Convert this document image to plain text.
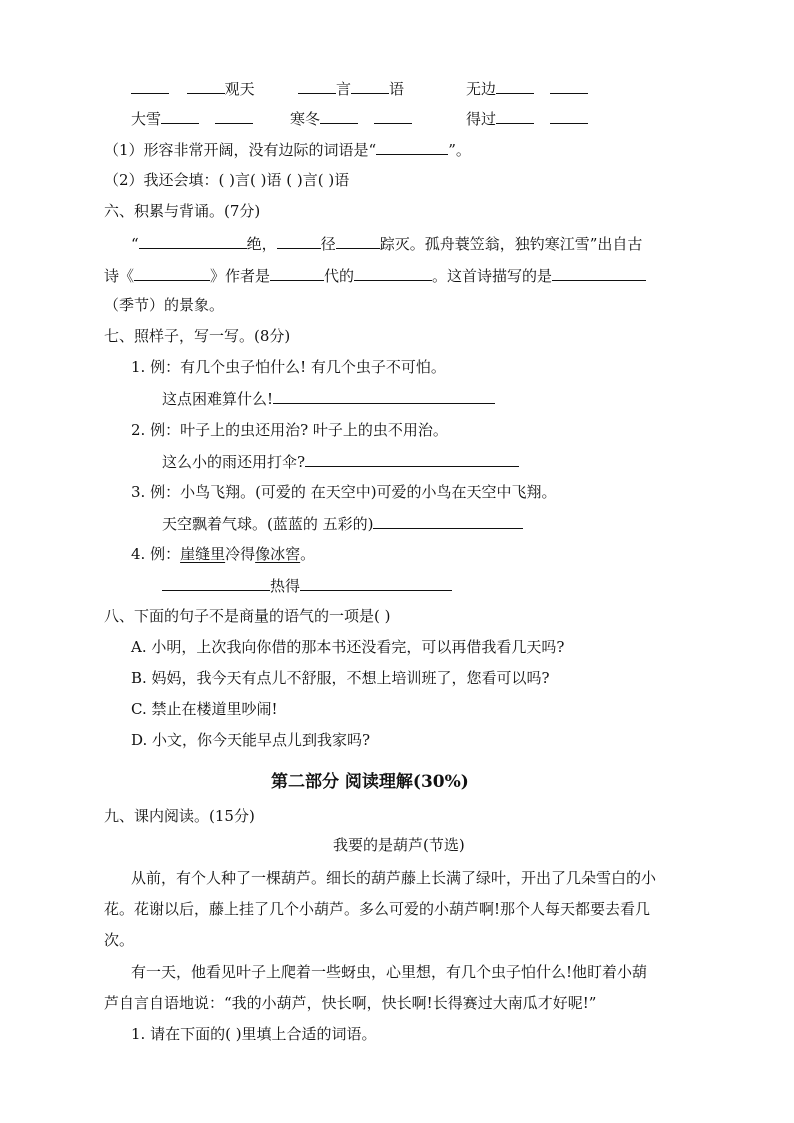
观天	言	语	无边
大雪	寒冬	得过
（1）形容非常开阔，没有边际的词语是“	”。
（2）我还会填：( )言( )语 ( )言( )语
六、积累与背诵。(7分)
“	绝，	径	踪灭。孤舟蓑笠翁，独钓寒江雪”出自古
诗《	》作者是	代的	。这首诗描写的是
（季节）的景象。
七、照样子，写一写。(8分)
1. 例：有几个虫子怕什么! 有几个虫子不可怕。
这点困难算什么!
2. 例：叶子上的虫还用治? 叶子上的虫不用治。
这么小的雨还用打伞?
3. 例：小鸟飞翔。(可爱的 在天空中)可爱的小鸟在天空中飞翔。
天空飘着气球。(蓝蓝的 五彩的)
4. 例：崖缝里冷得像冰窖。
热得
八、下面的句子不是商量的语气的一项是( )
A. 小明，上次我向你借的那本书还没看完，可以再借我看几天吗?
B. 妈妈，我今天有点儿不舒服，不想上培训班了，您看可以吗?
C. 禁止在楼道里吵闹!
D. 小文，你今天能早点儿到我家吗?
第二部分 阅读理解(30%)
九、课内阅读。(15分)
我要的是葫芦(节选)
从前，有个人种了一棵葫芦。细长的葫芦藤上长满了绿叶，开出了几朵雪白的小
花。花谢以后，藤上挂了几个小葫芦。多么可爱的小葫芦啊!那个人每天都要去看几
次。
有一天，他看见叶子上爬着一些蚜虫，心里想，有几个虫子怕什么!他盯着小葫
芦自言自语地说：“我的小葫芦，快长啊，快长啊!长得赛过大南瓜才好呢!”
1. 请在下面的( )里填上合适的词语。
